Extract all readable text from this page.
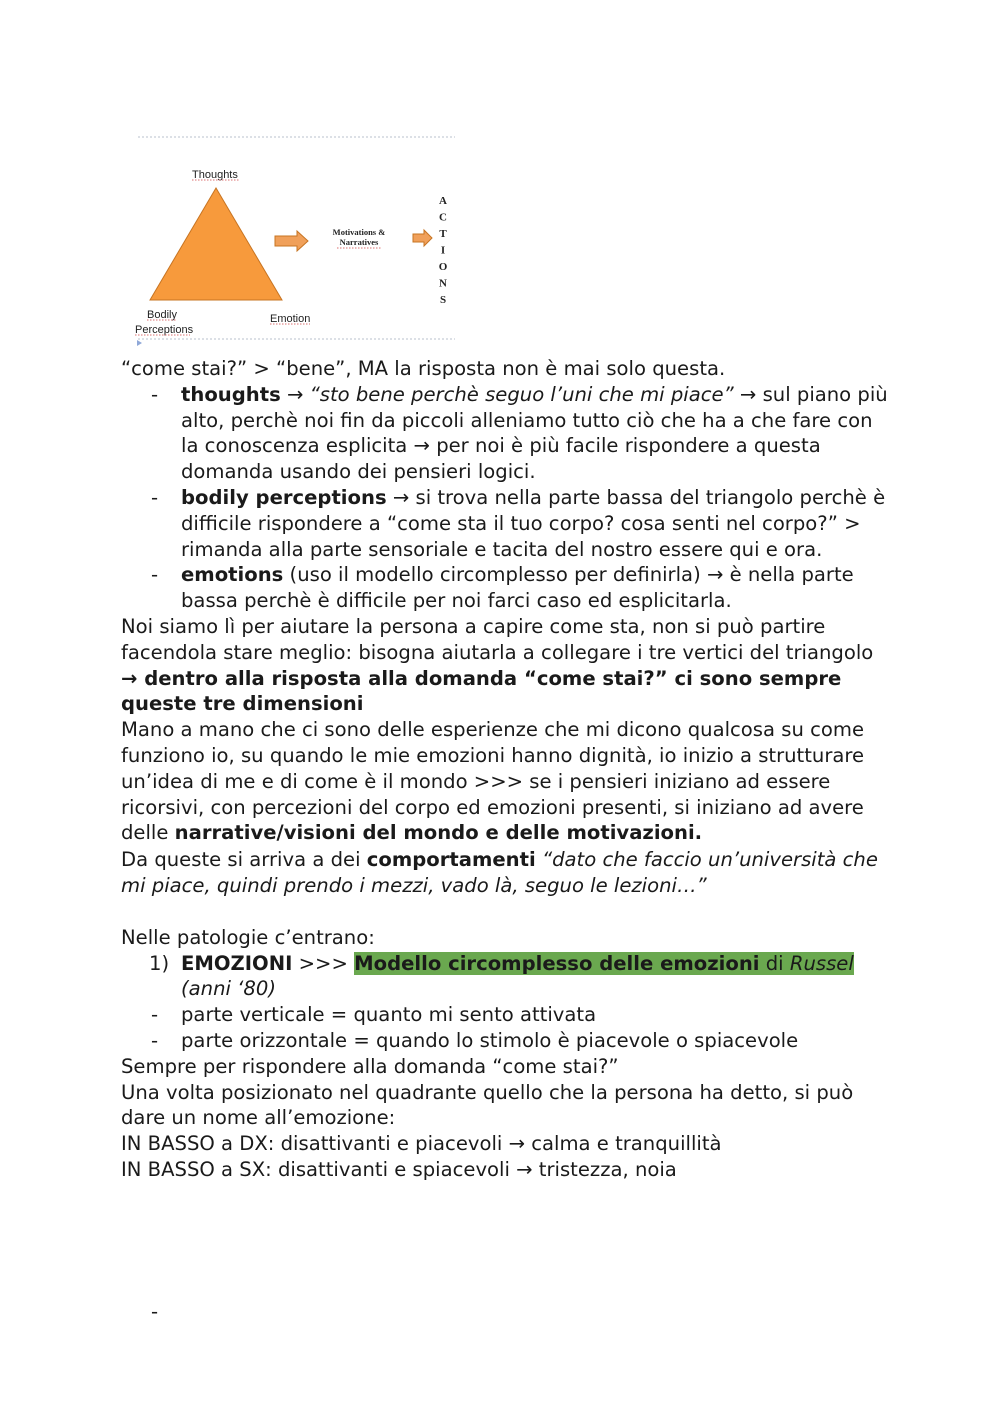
Thoughts
Bodily
Perceptions
Emotion
Motivations &
Narratives
A
C
T
I
O
N
S

“come stai?” > “bene”, MA la risposta non è mai solo questa.

- thoughts → “sto bene perchè seguo l’uni che mi piace” → sul piano più alto, perchè noi fin da piccoli alleniamo tutto ciò che ha a che fare con la conoscenza esplicita → per noi è più facile rispondere a questa domanda usando dei pensieri logici.
- bodily perceptions → si trova nella parte bassa del triangolo perchè è difficile rispondere a “come sta il tuo corpo? cosa senti nel corpo?” > rimanda alla parte sensoriale e tacita del nostro essere qui e ora.
- emotions (uso il modello circomplesso per definirla) → è nella parte bassa perchè è difficile per noi farci caso ed esplicitarla.

Noi siamo lì per aiutare la persona a capire come sta, non si può partire facendola stare meglio: bisogna aiutarla a collegare i tre vertici del triangolo

→ dentro alla risposta alla domanda “come stai?” ci sono sempre queste tre dimensioni

Mano a mano che ci sono delle esperienze che mi dicono qualcosa su come funziono io, su quando le mie emozioni hanno dignità, io inizio a strutturare un’idea di me e di come è il mondo >>> se i pensieri iniziano ad essere ricorsivi, con percezioni del corpo ed emozioni presenti, si iniziano ad avere delle narrative/visioni del mondo e delle motivazioni.

Da queste si arriva a dei comportamenti “dato che faccio un’università che mi piace, quindi prendo i mezzi, vado là, seguo le lezioni…”

Nelle patologie c’entrano:

1) EMOZIONI >>> Modello circomplesso delle emozioni di Russel
(anni ‘80)
- parte verticale = quanto mi sento attivata
- parte orizzontale = quando lo stimolo è piacevole o spiacevole

Sempre per rispondere alla domanda “come stai?”

Una volta posizionato nel quadrante quello che la persona ha detto, si può dare un nome all’emozione:

IN BASSO a DX: disattivanti e piacevoli → calma e tranquillità

IN BASSO a SX: disattivanti e spiacevoli → tristezza, noia

-
